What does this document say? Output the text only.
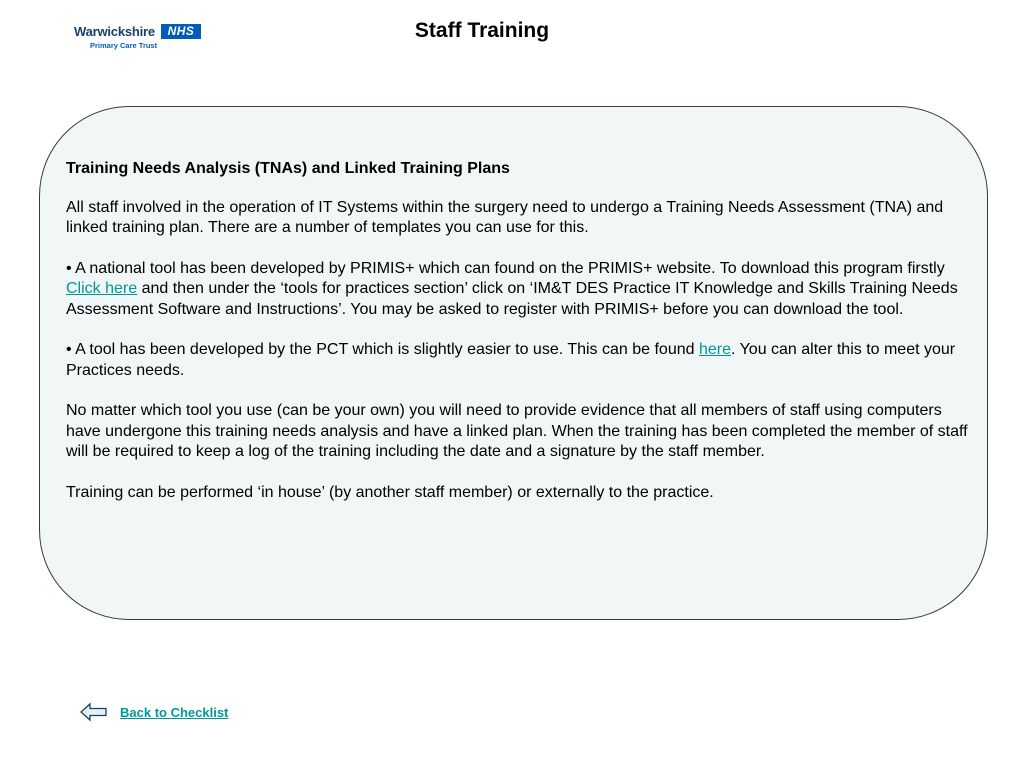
Warwickshire	NHS
Primary Care Trust
Staff Training

Training Needs Analysis (TNAs) and Linked Training Plans

All staff involved in the operation of IT Systems within the surgery need to undergo a Training Needs Assessment (TNA) and linked training plan. There are a number of templates you can use for this.

• A national tool has been developed by PRIMIS+ which can found on the PRIMIS+ website. To download this program firstly Click here and then under the ‘tools for practices section’ click on ‘IM&T DES Practice IT Knowledge and Skills Training Needs Assessment Software and Instructions’. You may be asked to register with PRIMIS+ before you can download the tool.

• A tool has been developed by the PCT which is slightly easier to use. This can be found here. You can alter this to meet your Practices needs.

No matter which tool you use (can be your own) you will need to provide evidence that all members of staff using computers have undergone this training needs analysis and have a linked plan. When the training has been completed the member of staff will be required to keep a log of the training including the date and a signature by the staff member.

Training can be performed ‘in house’ (by another staff member) or externally to the practice.

Back to Checklist
